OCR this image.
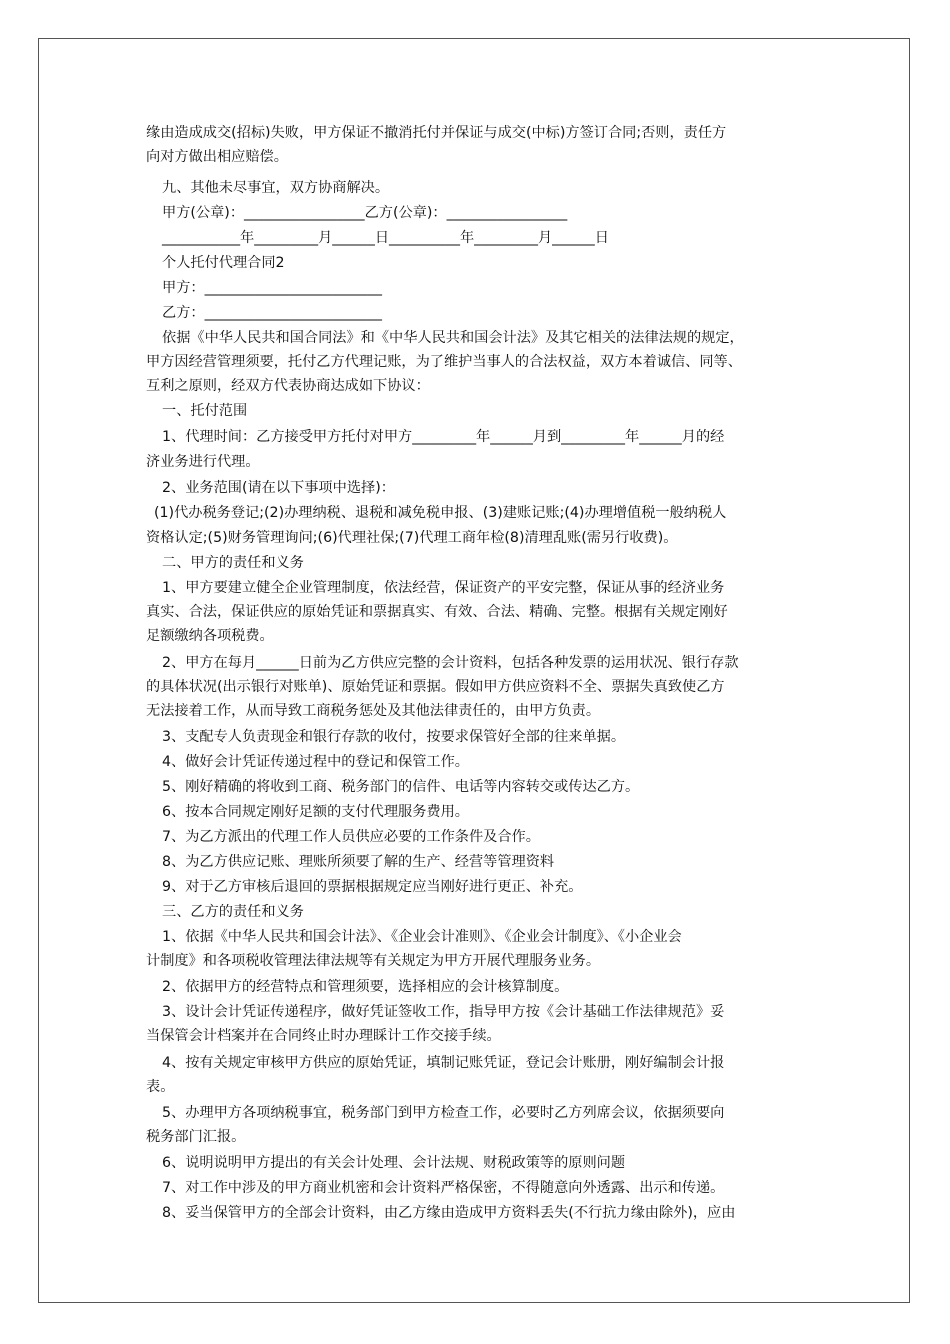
缘由造成成交(招标)失败，甲方保证不撤消托付并保证与成交(中标)方签订合同;否则，责任方
向对方做出相应赔偿。
九、其他未尽事宜，双方协商解决。
甲方(公章)：_________________乙方(公章)：_________________
___________年_________月______日__________年_________月______日
个人托付代理合同2
甲方：_________________________
乙方：_________________________
依据《中华人民共和国合同法》和《中华人民共和国会计法》及其它相关的法律法规的规定，
甲方因经营管理须要，托付乙方代理记账，为了维护当事人的合法权益，双方本着诚信、同等、
互利之原则，经双方代表协商达成如下协议：
一、托付范围
1、代理时间：乙方接受甲方托付对甲方_________年______月到_________年______月的经
济业务进行代理。
2、业务范围(请在以下事项中选择)：
(1)代办税务登记;(2)办理纳税、退税和减免税申报、(3)建账记账;(4)办理增值税一般纳税人
资格认定;(5)财务管理询问;(6)代理社保;(7)代理工商年检(8)清理乱账(需另行收费)。
二、甲方的责任和义务
1、甲方要建立健全企业管理制度，依法经营，保证资产的平安完整，保证从事的经济业务
真实、合法，保证供应的原始凭证和票据真实、有效、合法、精确、完整。根据有关规定刚好
足额缴纳各项税费。
2、甲方在每月______日前为乙方供应完整的会计资料，包括各种发票的运用状况、银行存款
的具体状况(出示银行对账单)、原始凭证和票据。假如甲方供应资料不全、票据失真致使乙方
无法接着工作，从而导致工商税务惩处及其他法律责任的，由甲方负责。
3、支配专人负责现金和银行存款的收付，按要求保管好全部的往来单据。
4、做好会计凭证传递过程中的登记和保管工作。
5、刚好精确的将收到工商、税务部门的信件、电话等内容转交或传达乙方。
6、按本合同规定刚好足额的支付代理服务费用。
7、为乙方派出的代理工作人员供应必要的工作条件及合作。
8、为乙方供应记账、理账所须要了解的生产、经营等管理资料
9、对于乙方审核后退回的票据根据规定应当刚好进行更正、补充。
三、乙方的责任和义务
1、依据《中华人民共和国会计法》、《企业会计准则》、《企业会计制度》、《小企业会
计制度》和各项税收管理法律法规等有关规定为甲方开展代理服务业务。
2、依据甲方的经营特点和管理须要，选择相应的会计核算制度。
3、设计会计凭证传递程序，做好凭证签收工作，指导甲方按《会计基础工作法律规范》妥
当保管会计档案并在合同终止时办理睬计工作交接手续。
4、按有关规定审核甲方供应的原始凭证，填制记账凭证，登记会计账册，刚好编制会计报
表。
5、办理甲方各项纳税事宜，税务部门到甲方检查工作，必要时乙方列席会议，依据须要向
税务部门汇报。
6、说明说明甲方提出的有关会计处理、会计法规、财税政策等的原则问题
7、对工作中涉及的甲方商业机密和会计资料严格保密，不得随意向外透露、出示和传递。
8、妥当保管甲方的全部会计资料，由乙方缘由造成甲方资料丢失(不行抗力缘由除外)，应由
